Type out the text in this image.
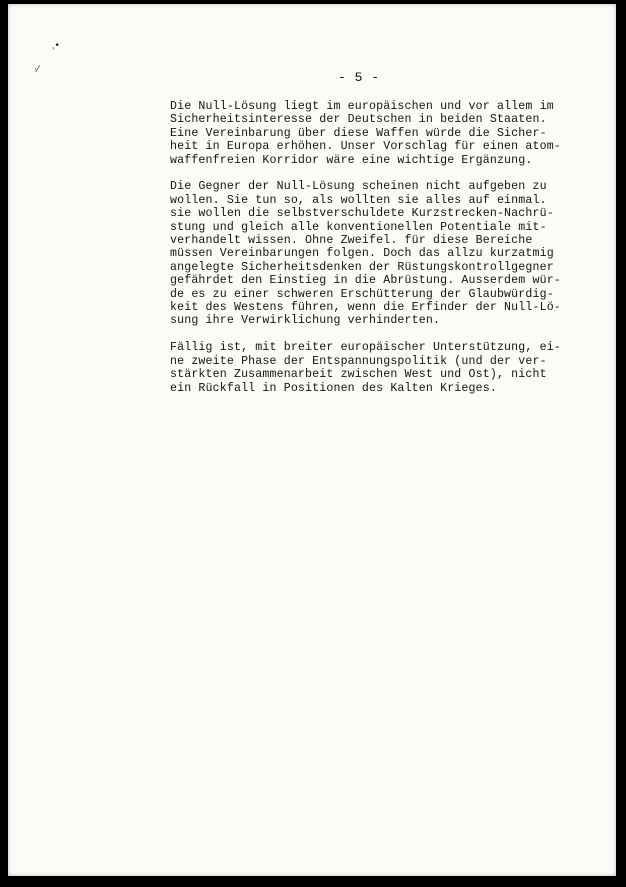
ˌ•
·⁄	- 5 -

Die Null-Lösung liegt im europäischen und vor allem im
Sicherheitsinteresse der Deutschen in beiden Staaten.
Eine Vereinbarung über diese Waffen würde die Sicher-
heit in Europa erhöhen. Unser Vorschlag für einen atom-
waffenfreien Korridor wäre eine wichtige Ergänzung.

Die Gegner der Null-Lösung scheinen nicht aufgeben zu
wollen. Sie tun so, als wollten sie alles auf einmal.
sie wollen die selbstverschuldete Kurzstrecken-Nachrü-
stung und gleich alle konventionellen Potentiale mit-
verhandelt wissen. Ohne Zweifel. für diese Bereiche
müssen Vereinbarungen folgen. Doch das allzu kurzatmig
angelegte Sicherheitsdenken der Rüstungskontrollgegner
gefährdet den Einstieg in die Abrüstung. Ausserdem wür-
de es zu einer schweren Erschütterung der Glaubwürdig-
keit des Westens führen, wenn die Erfinder der Null-Lö-
sung ihre Verwirklichung verhinderten.

Fällig ist, mit breiter europäischer Unterstützung, ei-
ne zweite Phase der Entspannungspolitik (und der ver-
stärkten Zusammenarbeit zwischen West und Ost), nicht
ein Rückfall in Positionen des Kalten Krieges.
